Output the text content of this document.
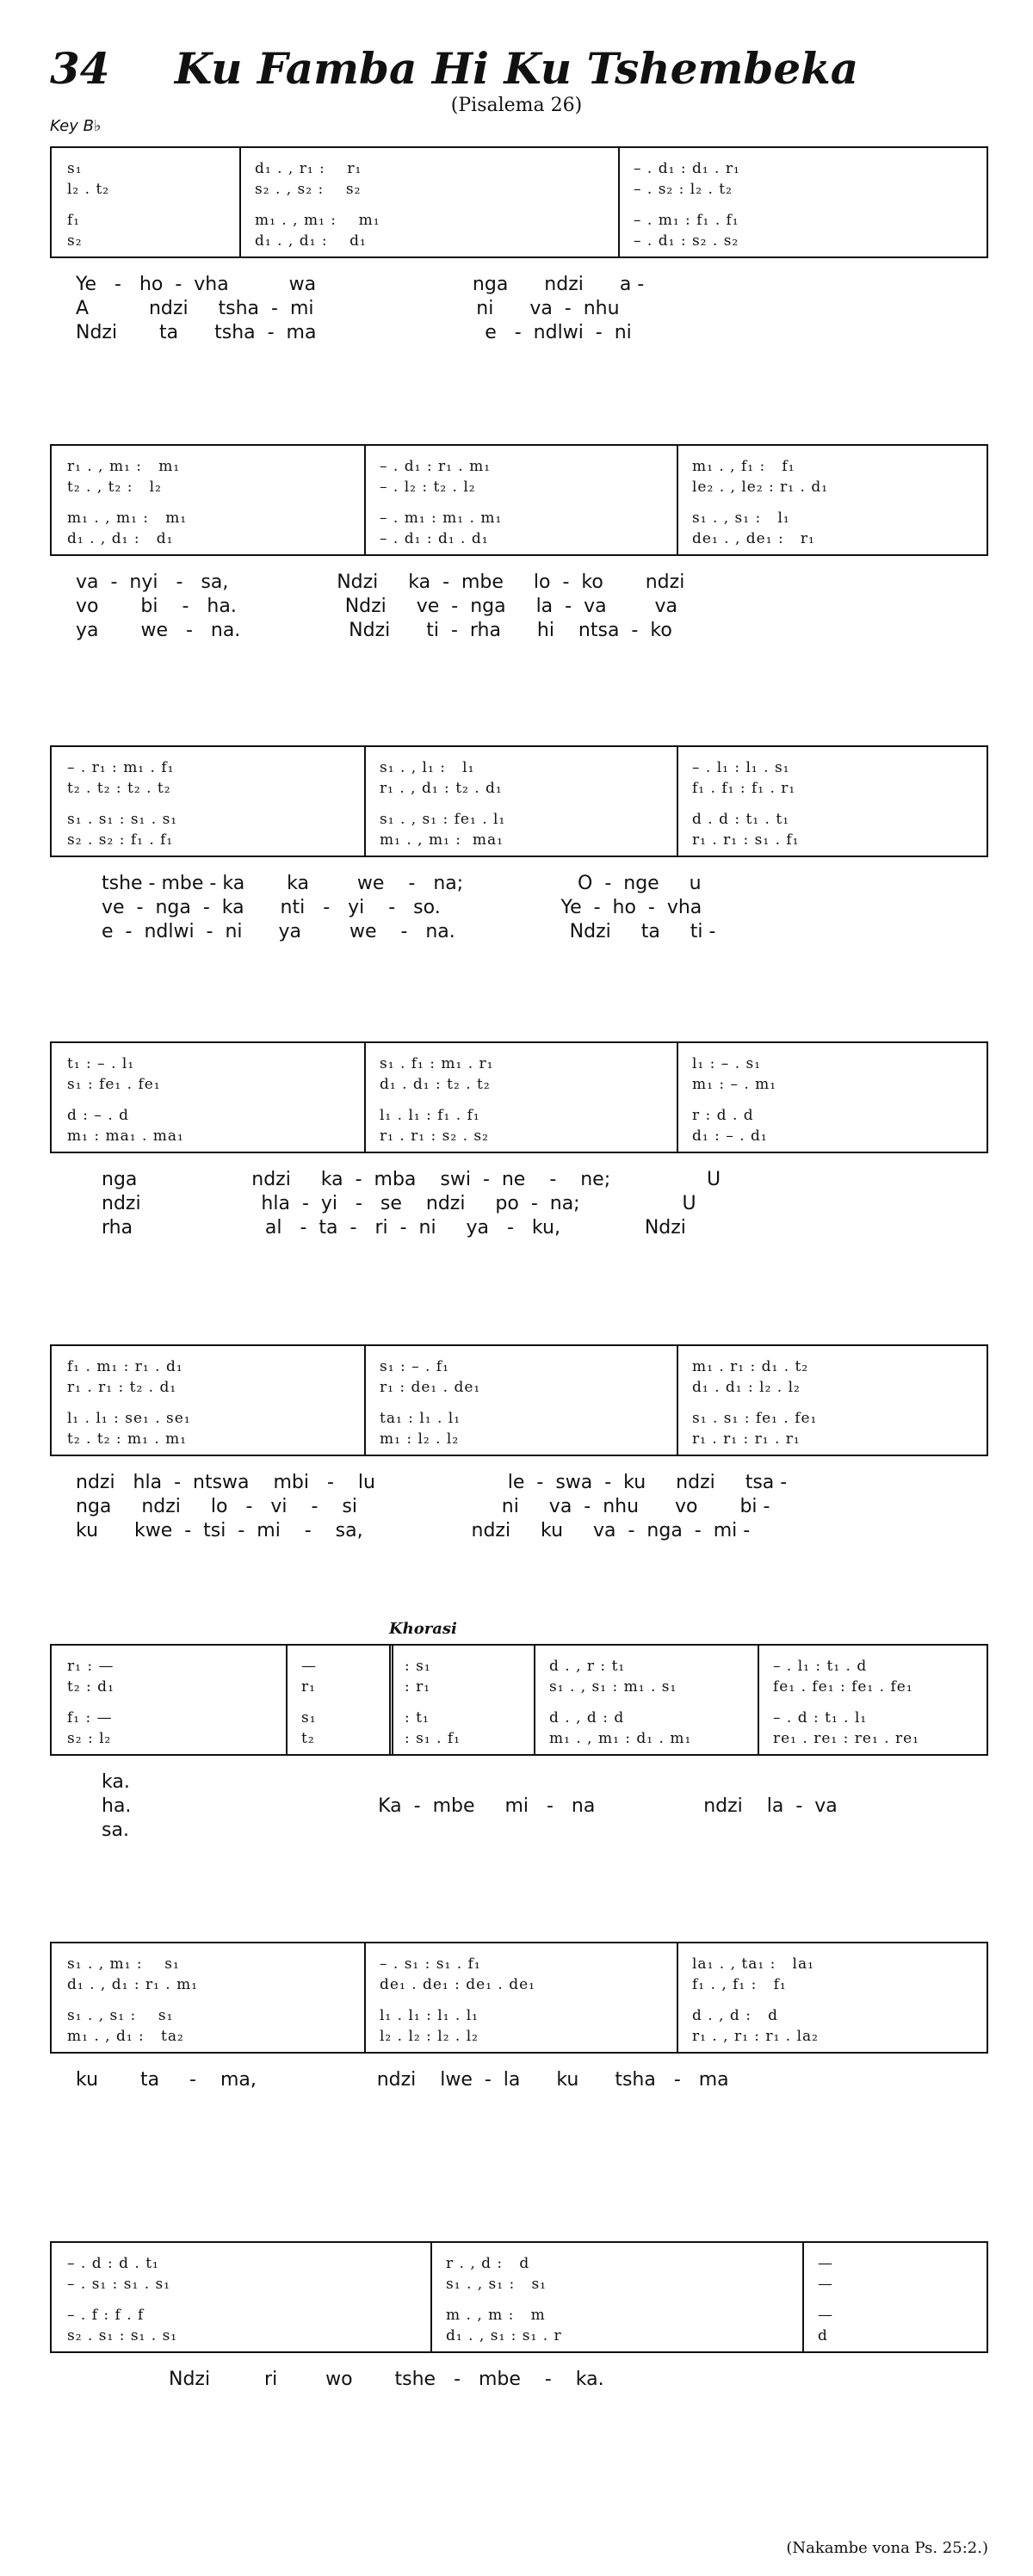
34	Ku Famba Hi Ku Tshembeka
(Pisalema 26)
Key B♭
Khorasi
(Nakambe vona Ps. 25:2.)
s₁
l₂ . t₂
f₁
s₂
d₁ . , r₁ :    r₁
s₂ . , s₂ :    s₂
m₁ . , m₁ :    m₁
d₁ . , d₁ :    d₁
– . d₁ : d₁ . r₁
– . s₂ : l₂ . t₂
– . m₁ : f₁ . f₁
– . d₁ : s₂ . s₂
Ye   -   ho  -  vha          wa                          nga      ndzi      a -
A          ndzi     tsha  -  mi                           ni      va  -  nhu
Ndzi       ta      tsha  -  ma                            e   -  ndlwi  -  ni
r₁ . , m₁ :   m₁
t₂ . , t₂ :   l₂
m₁ . , m₁ :   m₁
d₁ . , d₁ :   d₁
– . d₁ : r₁ . m₁
– . l₂ : t₂ . l₂
– . m₁ : m₁ . m₁
– . d₁ : d₁ . d₁
m₁ . , f₁ :   f₁
le₂ . , le₂ : r₁ . d₁
s₁ . , s₁ :   l₁
de₁ . , de₁ :   r₁
va  -  nyi   -   sa,                  Ndzi     ka  -  mbe     lo  -  ko       ndzi
vo       bi    -   ha.                  Ndzi     ve  -  nga     la  -  va        va
ya       we   -   na.                  Ndzi      ti  -  rha      hi    ntsa  -  ko
– . r₁ : m₁ . f₁
t₂ . t₂ : t₂ . t₂
s₁ . s₁ : s₁ . s₁
s₂ . s₂ : f₁ . f₁
s₁ . , l₁ :   l₁
r₁ . , d₁ : t₂ . d₁
s₁ . , s₁ : fe₁ . l₁
m₁ . , m₁ :  ma₁
– . l₁ : l₁ . s₁
f₁ . f₁ : f₁ . r₁
d . d : t₁ . t₁
r₁ . r₁ : s₁ . f₁
tshe - mbe - ka       ka        we    -   na;                   O  -  nge     u
ve  -  nga  -  ka      nti   -   yi    -   so.                    Ye  -  ho  -  vha
e  -  ndlwi  -  ni      ya        we    -   na.                   Ndzi     ta     ti -
t₁ : – . l₁
s₁ : fe₁ . fe₁
d : – . d
m₁ : ma₁ . ma₁
s₁ . f₁ : m₁ . r₁
d₁ . d₁ : t₂ . t₂
l₁ . l₁ : f₁ . f₁
r₁ . r₁ : s₂ . s₂
l₁ : – . s₁
m₁ : – . m₁
r : d . d
d₁ : – . d₁
nga                   ndzi     ka  -  mba    swi  -  ne    -    ne;                U
ndzi                    hla  -  yi   -   se    ndzi     po  -  na;                 U
rha                      al   -  ta  -   ri  -  ni     ya   -   ku,              Ndzi
f₁ . m₁ : r₁ . d₁
r₁ . r₁ : t₂ . d₁
l₁ . l₁ : se₁ . se₁
t₂ . t₂ : m₁ . m₁
s₁ : – . f₁
r₁ : de₁ . de₁
ta₁ : l₁ . l₁
m₁ : l₂ . l₂
m₁ . r₁ : d₁ . t₂
d₁ . d₁ : l₂ . l₂
s₁ . s₁ : fe₁ . fe₁
r₁ . r₁ : r₁ . r₁
ndzi   hla  -  ntswa    mbi   -    lu                      le  -  swa  -  ku     ndzi     tsa -
nga     ndzi     lo   -   vi    -    si                        ni     va  -  nhu      vo       bi -
ku      kwe  -  tsi  -  mi    -    sa,                  ndzi     ku     va  -  nga  -  mi -
r₁ : —
t₂ : d₁
f₁ : —
s₂ : l₂
—
r₁
s₁
t₂
: s₁
: r₁
: t₁
: s₁ . f₁
d . , r : t₁
s₁ . , s₁ : m₁ . s₁
d . , d : d
m₁ . , m₁ : d₁ . m₁
– . l₁ : t₁ . d
fe₁ . fe₁ : fe₁ . fe₁
– . d : t₁ . l₁
re₁ . re₁ : re₁ . re₁
ka.
ha.                                         Ka  -  mbe     mi   -   na                  ndzi    la  -  va
sa.
s₁ . , m₁ :    s₁
d₁ . , d₁ : r₁ . m₁
s₁ . , s₁ :    s₁
m₁ . , d₁ :   ta₂
– . s₁ : s₁ . f₁
de₁ . de₁ : de₁ . de₁
l₁ . l₁ : l₁ . l₁
l₂ . l₂ : l₂ . l₂
la₁ . , ta₁ :   la₁
f₁ . , f₁ :   f₁
d . , d :   d
r₁ . , r₁ : r₁ . la₂
ku       ta     -    ma,                    ndzi    lwe  -  la      ku      tsha   -   ma
– . d : d . t₁
– . s₁ : s₁ . s₁
– . f : f . f
s₂ . s₁ : s₁ . s₁
r . , d :   d
s₁ . , s₁ :   s₁
m . , m :   m
d₁ . , s₁ : s₁ . r
—
—
—
d
Ndzi         ri        wo       tshe   -   mbe    -    ka.
